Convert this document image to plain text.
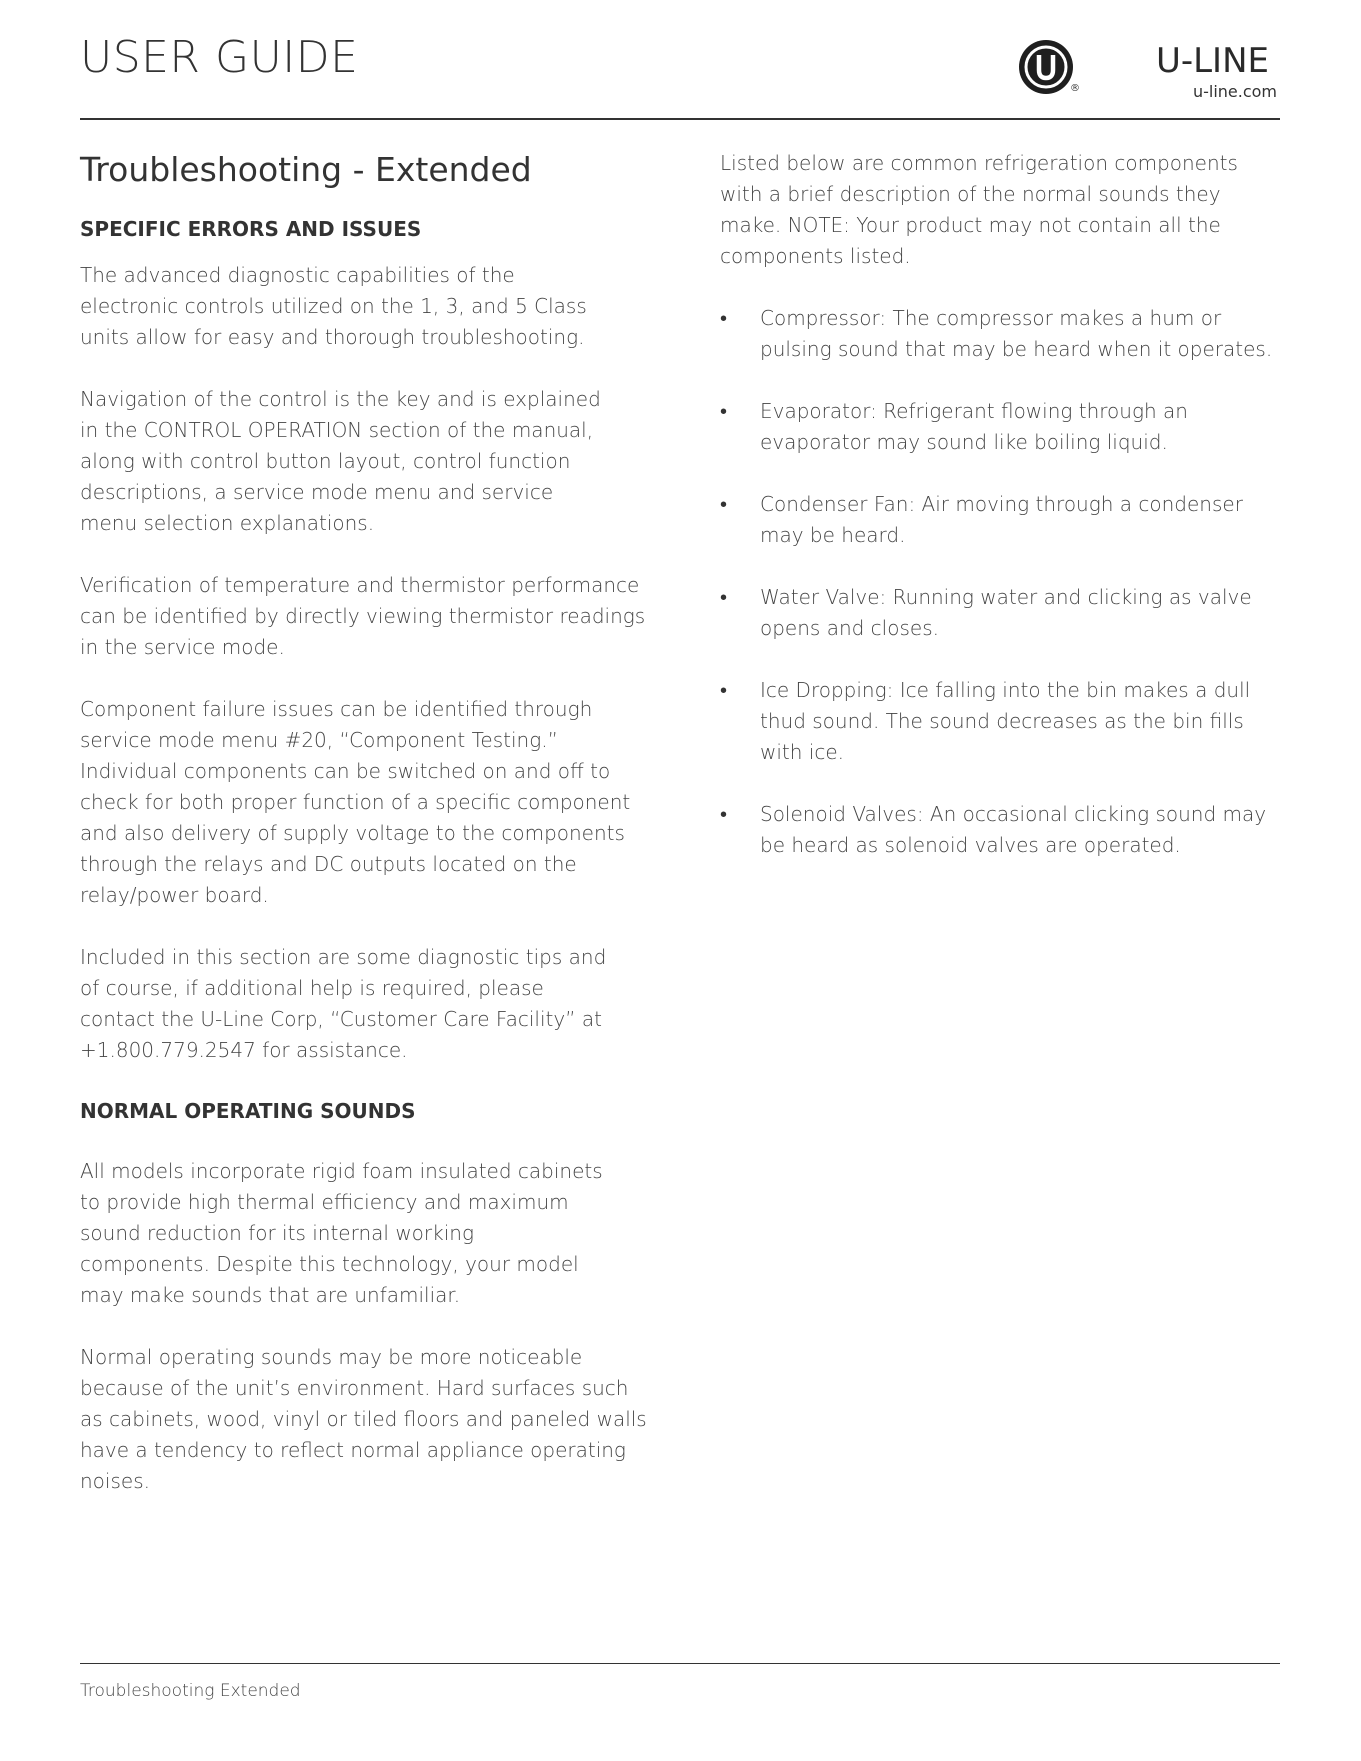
USER GUIDE
®
U-LINE
u-line.com
Troubleshooting - Extended
SPECIFIC ERRORS AND ISSUES

The advanced diagnostic capabilities of the electronic controls utilized on the 1, 3, and 5 Class units allow for easy and thorough troubleshooting.

Navigation of the control is the key and is explained in the CONTROL OPERATION section of the manual, along with control button layout, control function descriptions, a service mode menu and service menu selection explanations.

Verification of temperature and thermistor performance can be identified by directly viewing thermistor readings in the service mode.

Component failure issues can be identified through service mode menu #20, “Component Testing.” Individual components can be switched on and off to check for both proper function of a specific component and also delivery of supply voltage to the components through the relays and DC outputs located on the relay/power board.

Included in this section are some diagnostic tips and of course, if additional help is required, please contact the U-Line Corp, “Customer Care Facility” at +1.800.779.2547 for assistance.

NORMAL OPERATING SOUNDS

All models incorporate rigid foam insulated cabinets to provide high thermal efficiency and maximum sound reduction for its internal working components. Despite this technology, your model may make sounds that are unfamiliar.

Normal operating sounds may be more noticeable because of the unit’s environment. Hard surfaces such as cabinets, wood, vinyl or tiled floors and paneled walls have a tendency to reflect normal appliance operating noises.

Listed below are common refrigeration components with a brief description of the normal sounds they make. NOTE: Your product may not contain all the components listed.

•	Compressor: The compressor makes a hum or pulsing sound that may be heard when it operates.
•	Evaporator: Refrigerant flowing through an evaporator may sound like boiling liquid.
•	Condenser Fan: Air moving through a condenser may be heard.
•	Water Valve: Running water and clicking as valve opens and closes.
•	Ice Dropping: Ice falling into the bin makes a dull thud sound. The sound decreases as the bin fills with ice.
•	Solenoid Valves: An occasional clicking sound may be heard as solenoid valves are operated.
Troubleshooting Extended
